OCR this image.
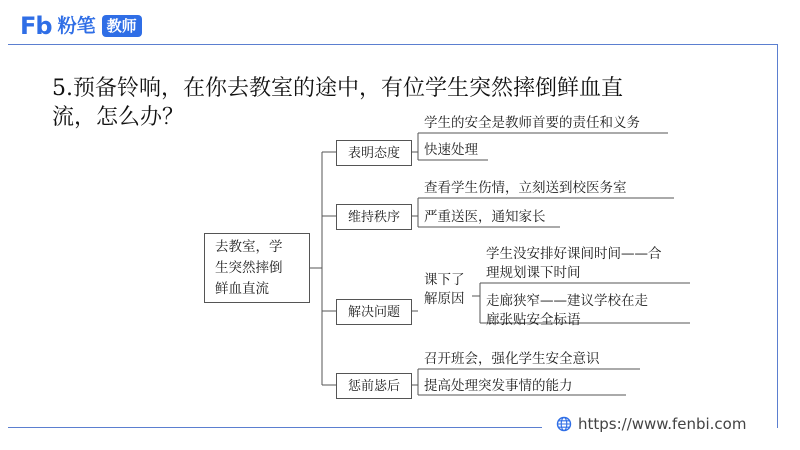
Fb 粉笔 教师
5.预备铃响，在你去教室的途中，有位学生突然摔倒鲜血直
流，怎么办？
去教室，学
生突然摔倒
鲜血直流
表明态度
维持秩序
解决问题
惩前毖后
学生的安全是教师首要的责任和义务
快速处理
查看学生伤情，立刻送到校医务室
严重送医，通知家长
课下了
解原因
学生没安排好课间时间——合
理规划课下时间
走廊狭窄——建议学校在走
廊张贴安全标语
召开班会，强化学生安全意识
提高处理突发事情的能力
https://www.fenbi.com
